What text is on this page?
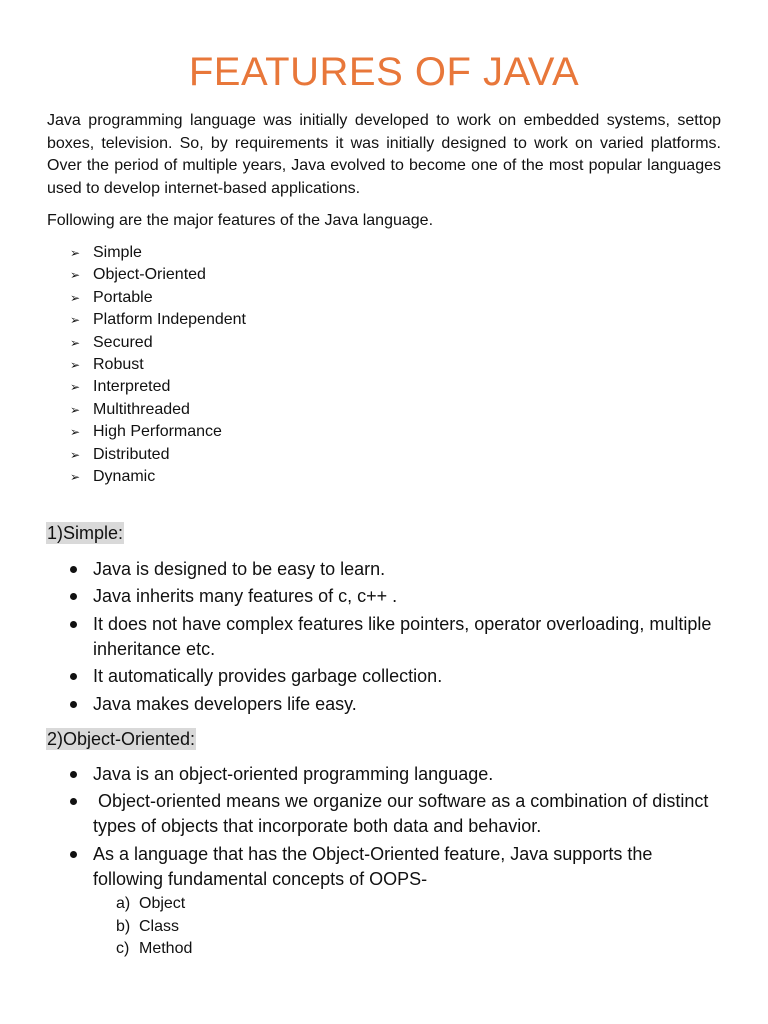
FEATURES OF JAVA
Java programming language was initially developed to work on embedded systems, settop boxes, television. So, by requirements it was initially designed to work on varied platforms. Over the period of multiple years, Java evolved to become one of the most popular languages used to develop internet-based applications.
Following are the major features of the Java language.
➢ Simple
➢ Object-Oriented
➢ Portable
➢ Platform Independent
➢ Secured
➢ Robust
➢ Interpreted
➢ Multithreaded
➢ High Performance
➢ Distributed
➢ Dynamic
1)Simple:
Java is designed to be easy to learn.
Java inherits many features of c, c++ .
It does not have complex features like pointers, operator overloading, multiple inheritance etc.
It automatically provides garbage collection.
Java makes developers life easy.
2)Object-Oriented:
Java is an object-oriented programming language.
Object-oriented means we organize our software as a combination of distinct types of objects that incorporate both data and behavior.
As a language that has the Object-Oriented feature, Java supports the following fundamental concepts of OOPS-
a) Object
b) Class
c) Method
